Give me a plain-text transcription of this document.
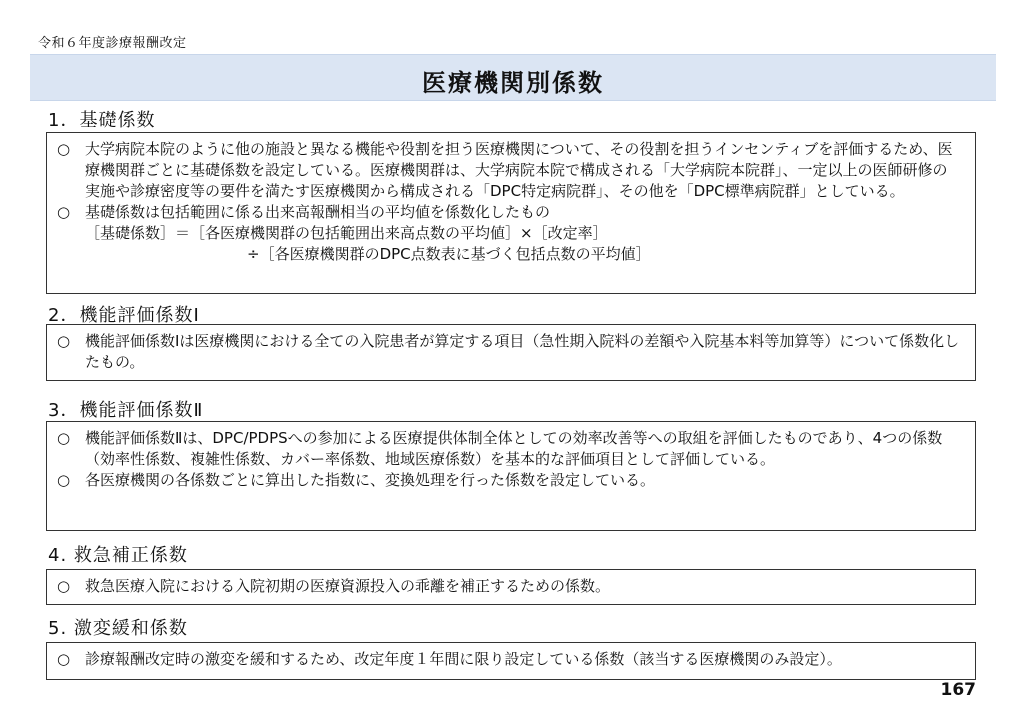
令和６年度診療報酬改定
医療機関別係数
1．基礎係数
○ 大学病院本院のように他の施設と異なる機能や役割を担う医療機関について、その役割を担うインセンティブを評価するため、医療機関群ごとに基礎係数を設定している。医療機関群は、大学病院本院で構成される「大学病院本院群」、一定以上の医師研修の実施や診療密度等の要件を満たす医療機関から構成される「DPC特定病院群」、その他を「DPC標準病院群」としている。
○ 基礎係数は包括範囲に係る出来高報酬相当の平均値を係数化したもの
［基礎係数］＝［各医療機関群の包括範囲出来高点数の平均値］×［改定率］
÷［各医療機関群のDPC点数表に基づく包括点数の平均値］
2．機能評価係数Ⅰ
○ 機能評価係数Ⅰは医療機関における全ての入院患者が算定する項目（急性期入院料の差額や入院基本料等加算等）について係数化したもの。
3．機能評価係数Ⅱ
○ 機能評価係数Ⅱは、DPC/PDPSへの参加による医療提供体制全体としての効率改善等への取組を評価したものであり、4つの係数（効率性係数、複雑性係数、カバー率係数、地域医療係数）を基本的な評価項目として評価している。
○ 各医療機関の各係数ごとに算出した指数に、変換処理を行った係数を設定している。
4. 救急補正係数
○ 救急医療入院における入院初期の医療資源投入の乖離を補正するための係数。
5. 激変緩和係数
○ 診療報酬改定時の激変を緩和するため、改定年度１年間に限り設定している係数（該当する医療機関のみ設定）。
167
